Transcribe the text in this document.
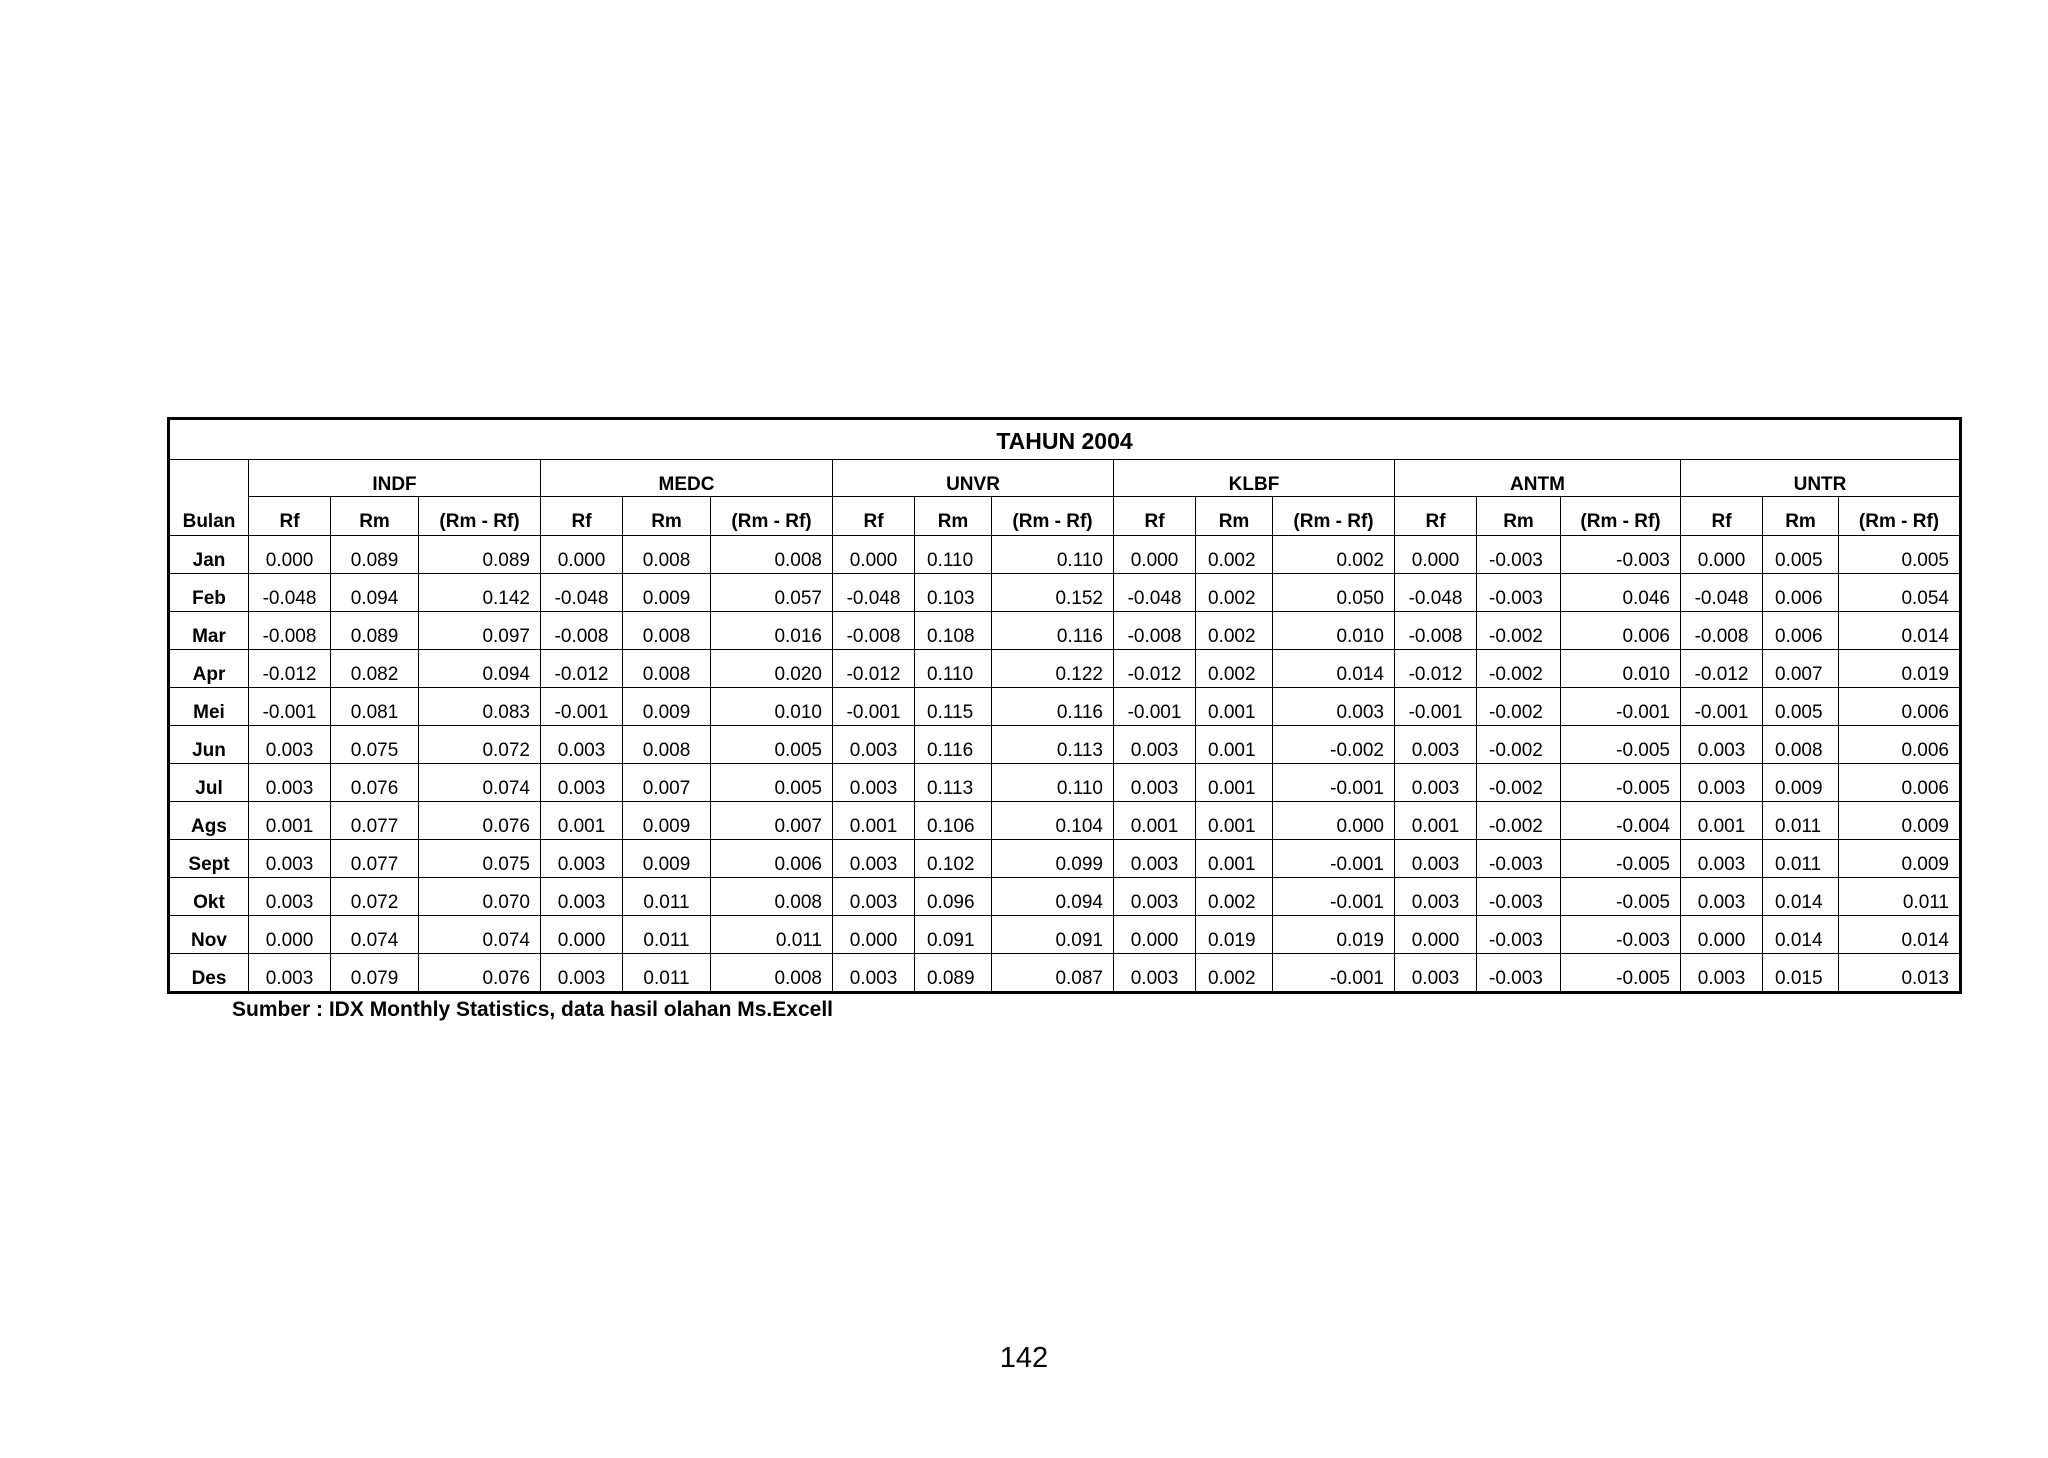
TAHUN 2004																		
	INDF			MEDC			UNVR			KLBF			ANTM			UNTR		
Bulan	Rf	Rm	(Rm - Rf)	Rf	Rm	(Rm - Rf)	Rf	Rm	(Rm - Rf)	Rf	Rm	(Rm - Rf)	Rf	Rm	(Rm - Rf)	Rf	Rm	(Rm - Rf)
Jan	0.000	0.089	0.089	0.000	0.008	0.008	0.000	0.110	0.110	0.000	0.002	0.002	0.000	-0.003	-0.003	0.000	0.005	0.005
Feb	-0.048	0.094	0.142	-0.048	0.009	0.057	-0.048	0.103	0.152	-0.048	0.002	0.050	-0.048	-0.003	0.046	-0.048	0.006	0.054
Mar	-0.008	0.089	0.097	-0.008	0.008	0.016	-0.008	0.108	0.116	-0.008	0.002	0.010	-0.008	-0.002	0.006	-0.008	0.006	0.014
Apr	-0.012	0.082	0.094	-0.012	0.008	0.020	-0.012	0.110	0.122	-0.012	0.002	0.014	-0.012	-0.002	0.010	-0.012	0.007	0.019
Mei	-0.001	0.081	0.083	-0.001	0.009	0.010	-0.001	0.115	0.116	-0.001	0.001	0.003	-0.001	-0.002	-0.001	-0.001	0.005	0.006
Jun	0.003	0.075	0.072	0.003	0.008	0.005	0.003	0.116	0.113	0.003	0.001	-0.002	0.003	-0.002	-0.005	0.003	0.008	0.006
Jul	0.003	0.076	0.074	0.003	0.007	0.005	0.003	0.113	0.110	0.003	0.001	-0.001	0.003	-0.002	-0.005	0.003	0.009	0.006
Ags	0.001	0.077	0.076	0.001	0.009	0.007	0.001	0.106	0.104	0.001	0.001	0.000	0.001	-0.002	-0.004	0.001	0.011	0.009
Sept	0.003	0.077	0.075	0.003	0.009	0.006	0.003	0.102	0.099	0.003	0.001	-0.001	0.003	-0.003	-0.005	0.003	0.011	0.009
Okt	0.003	0.072	0.070	0.003	0.011	0.008	0.003	0.096	0.094	0.003	0.002	-0.001	0.003	-0.003	-0.005	0.003	0.014	0.011
Nov	0.000	0.074	0.074	0.000	0.011	0.011	0.000	0.091	0.091	0.000	0.019	0.019	0.000	-0.003	-0.003	0.000	0.014	0.014
Des	0.003	0.079	0.076	0.003	0.011	0.008	0.003	0.089	0.087	0.003	0.002	-0.001	0.003	-0.003	-0.005	0.003	0.015	0.013
Sumber : IDX Monthly Statistics, data hasil olahan Ms.Excell
142
